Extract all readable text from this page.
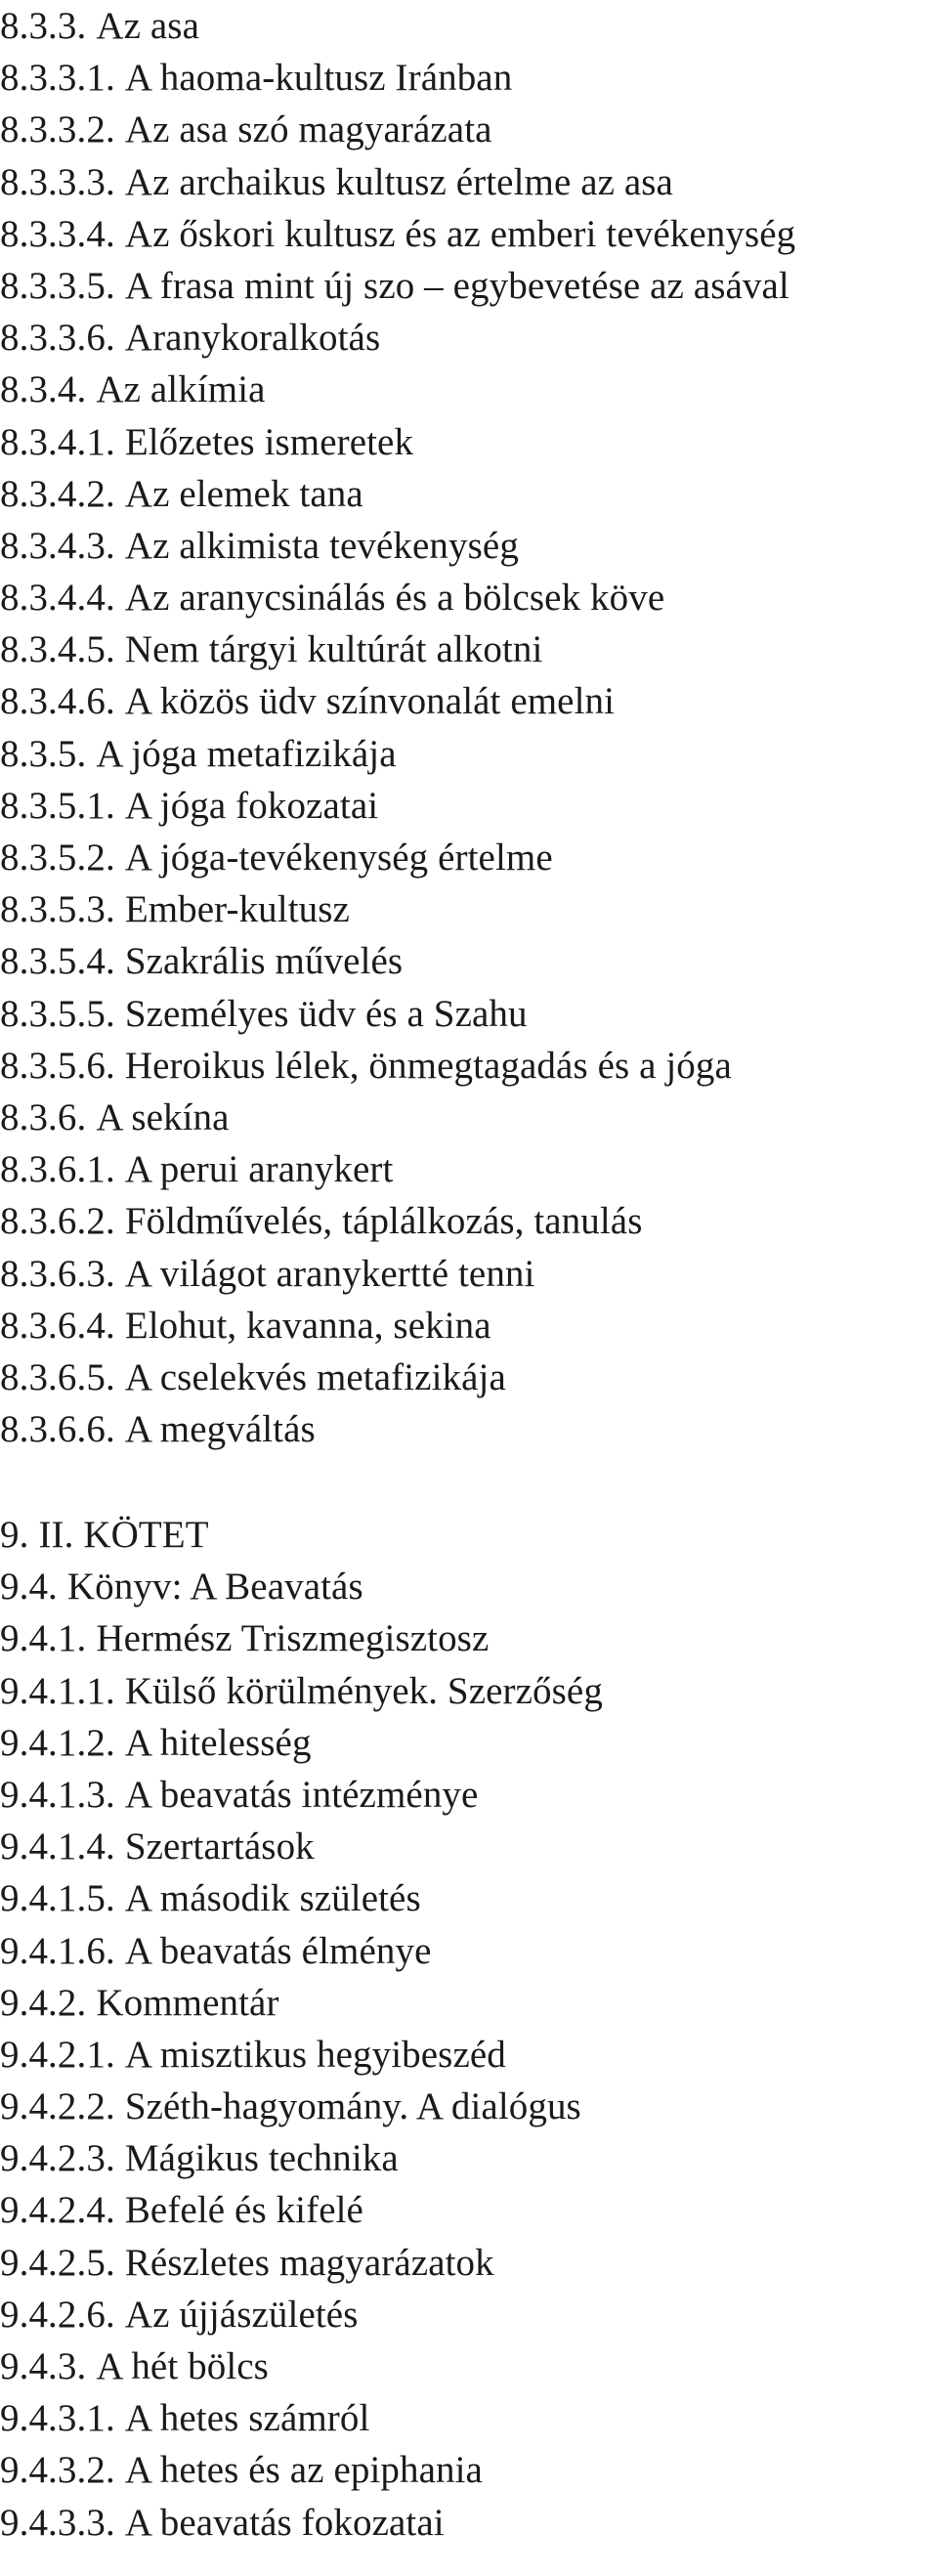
8.3.3. Az asa
8.3.3.1. A haoma-kultusz Iránban
8.3.3.2. Az asa szó magyarázata
8.3.3.3. Az archaikus kultusz értelme az asa
8.3.3.4. Az őskori kultusz és az emberi tevékenység
8.3.3.5. A frasa mint új szo – egybevetése az asával
8.3.3.6. Aranykoralkotás
8.3.4. Az alkímia
8.3.4.1. Előzetes ismeretek
8.3.4.2. Az elemek tana
8.3.4.3. Az alkimista tevékenység
8.3.4.4. Az aranycsinálás és a bölcsek köve
8.3.4.5. Nem tárgyi kultúrát alkotni
8.3.4.6. A közös üdv színvonalát emelni
8.3.5. A jóga metafizikája
8.3.5.1. A jóga fokozatai
8.3.5.2. A jóga-tevékenység értelme
8.3.5.3. Ember-kultusz
8.3.5.4. Szakrális művelés
8.3.5.5. Személyes üdv és a Szahu
8.3.5.6. Heroikus lélek, önmegtagadás és a jóga
8.3.6. A sekína
8.3.6.1. A perui aranykert
8.3.6.2. Földművelés, táplálkozás, tanulás
8.3.6.3. A világot aranykertté tenni
8.3.6.4. Elohut, kavanna, sekina
8.3.6.5. A cselekvés metafizikája
8.3.6.6. A megváltás
9. II. KÖTET
9.4. Könyv: A Beavatás
9.4.1. Hermész Triszmegisztosz
9.4.1.1. Külső körülmények. Szerzőség
9.4.1.2. A hitelesség
9.4.1.3. A beavatás intézménye
9.4.1.4. Szertartások
9.4.1.5. A második születés
9.4.1.6. A beavatás élménye
9.4.2. Kommentár
9.4.2.1. A misztikus hegyibeszéd
9.4.2.2. Széth-hagyomány. A dialógus
9.4.2.3. Mágikus technika
9.4.2.4. Befelé és kifelé
9.4.2.5. Részletes magyarázatok
9.4.2.6. Az újjászületés
9.4.3. A hét bölcs
9.4.3.1. A hetes számról
9.4.3.2. A hetes és az epiphania
9.4.3.3. A beavatás fokozatai
